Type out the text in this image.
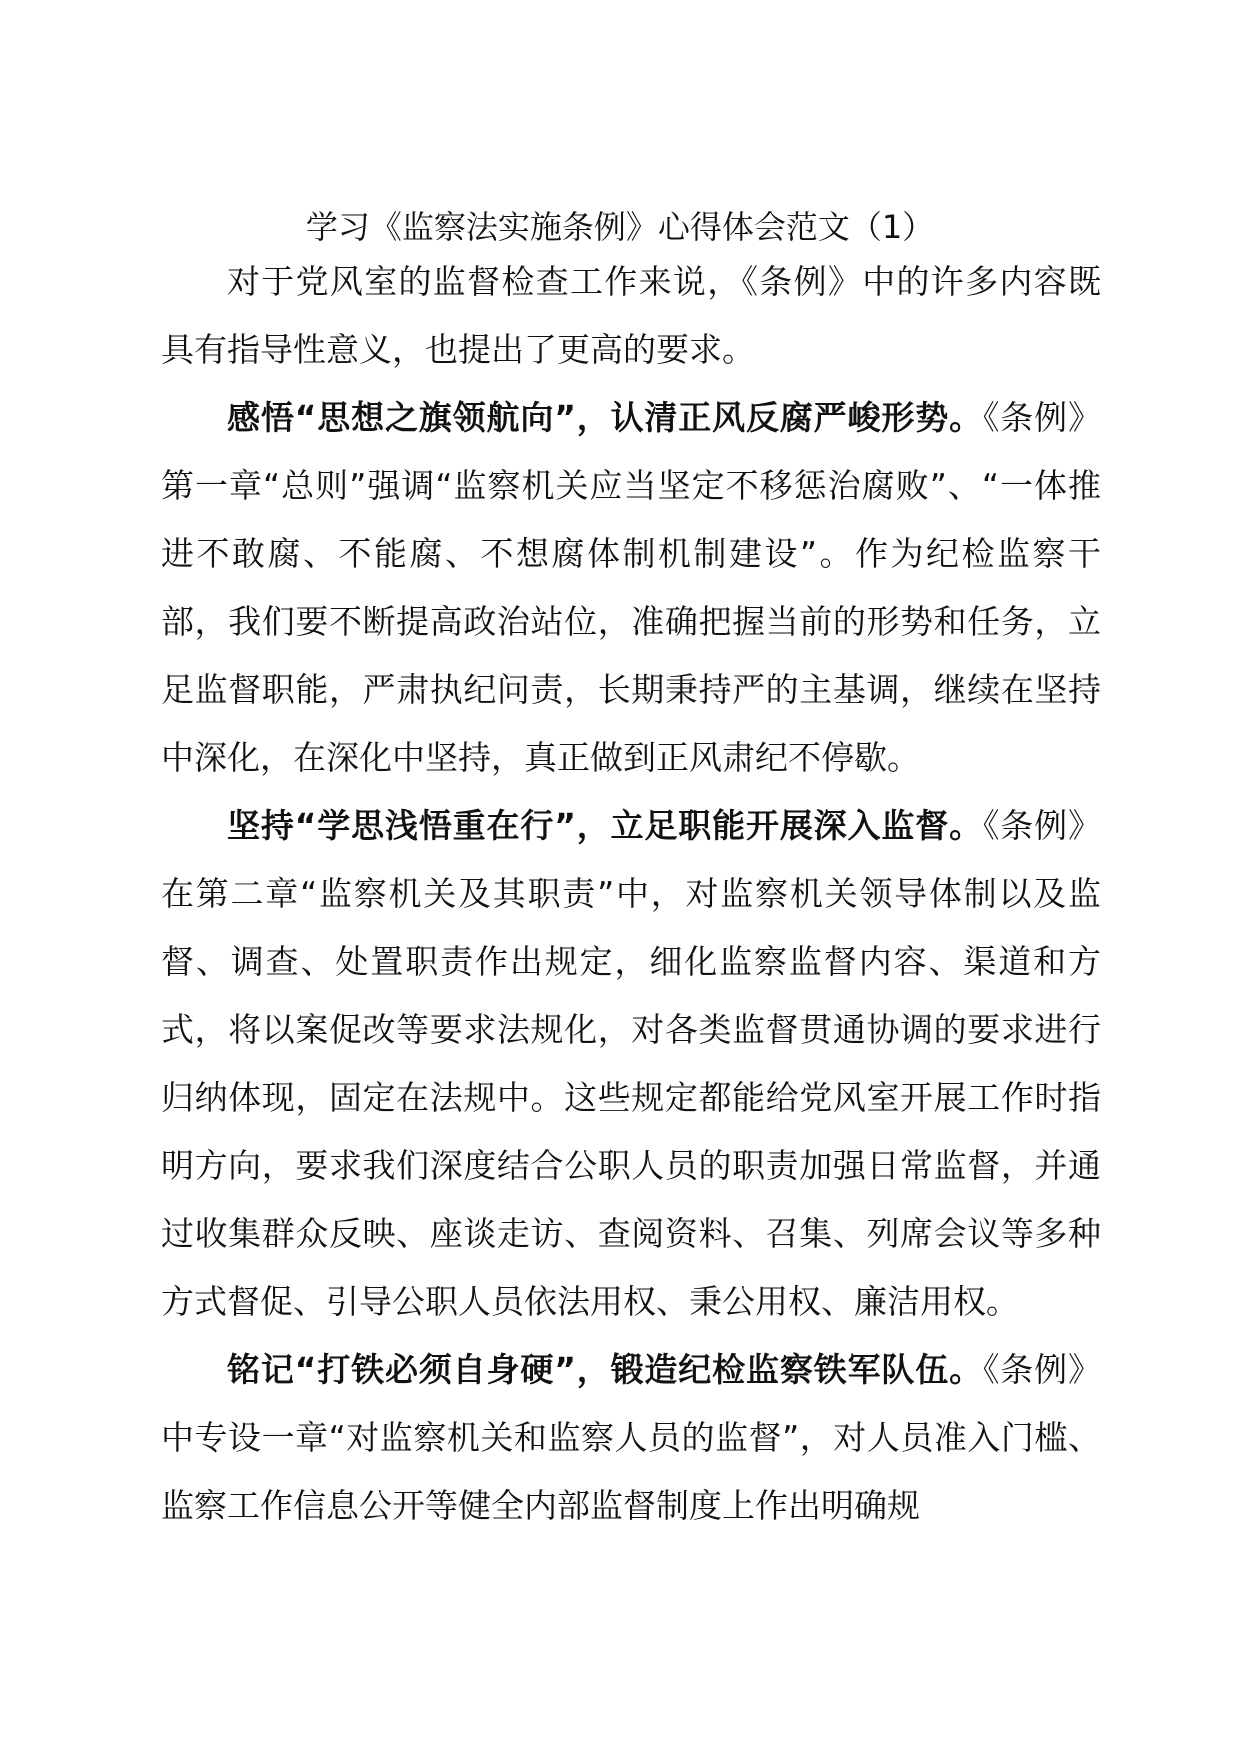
学习《监察法实施条例》心得体会范文（1）

对于党风室的监督检查工作来说，《条例》中的许多内容既具有指导性意义，也提出了更高的要求。

感悟“思想之旗领航向”，认清正风反腐严峻形势。《条例》第一章“总则”强调“监察机关应当坚定不移惩治腐败”、“一体推进不敢腐、不能腐、不想腐体制机制建设”。作为纪检监察干部，我们要不断提高政治站位，准确把握当前的形势和任务，立足监督职能，严肃执纪问责，长期秉持严的主基调，继续在坚持中深化，在深化中坚持，真正做到正风肃纪不停歇。

坚持“学思浅悟重在行”，立足职能开展深入监督。《条例》在第二章“监察机关及其职责”中，对监察机关领导体制以及监督、调查、处置职责作出规定，细化监察监督内容、渠道和方式，将以案促改等要求法规化，对各类监督贯通协调的要求进行归纳体现，固定在法规中。这些规定都能给党风室开展工作时指明方向，要求我们深度结合公职人员的职责加强日常监督，并通过收集群众反映、座谈走访、查阅资料、召集、列席会议等多种方式督促、引导公职人员依法用权、秉公用权、廉洁用权。

铭记“打铁必须自身硬”，锻造纪检监察铁军队伍。《条例》中专设一章“对监察机关和监察人员的监督”，对人员准入门槛、监察工作信息公开等健全内部监督制度上作出明确规
